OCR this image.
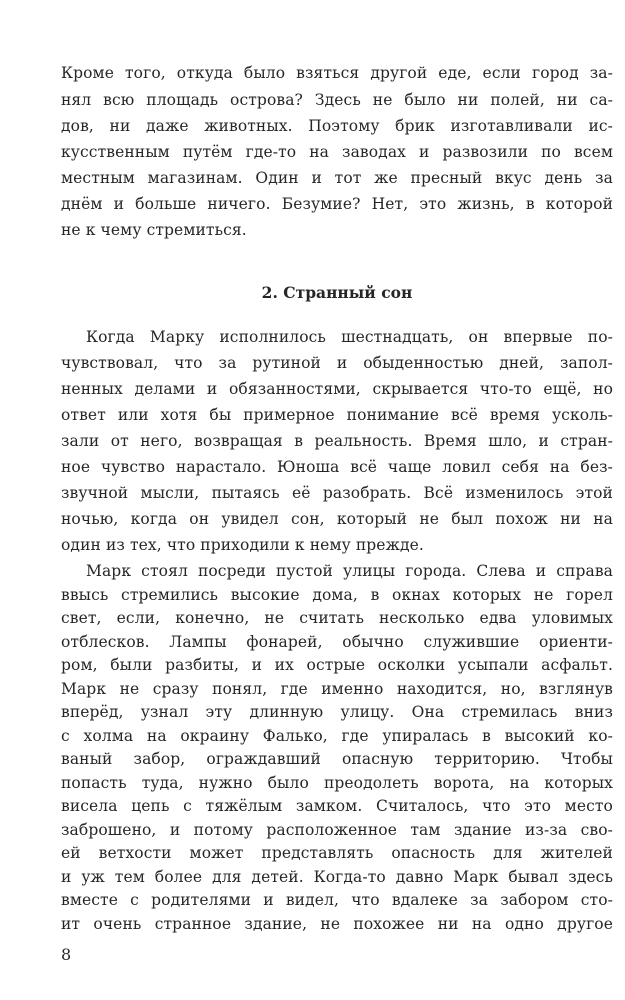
Кроме того, откуда было взяться другой еде, если город за-
нял всю площадь острова? Здесь не было ни полей, ни са-
дов, ни даже животных. Поэтому брик изготавливали ис-
кусственным путём где-то на заводах и развозили по всем
местным магазинам. Один и тот же пресный вкус день за
днём и больше ничего. Безумие? Нет, это жизнь, в которой
не к чему стремиться.
2. Странный сон
Когда Марку исполнилось шестнадцать, он впервые по-
чувствовал, что за рутиной и обыденностью дней, запол-
ненных делами и обязанностями, скрывается что-то ещё, но
ответ или хотя бы примерное понимание всё время усколь-
зали от него, возвращая в реальность. Время шло, и стран-
ное чувство нарастало. Юноша всё чаще ловил себя на без-
звучной мысли, пытаясь её разобрать. Всё изменилось этой
ночью, когда он увидел сон, который не был похож ни на
один из тех, что приходили к нему прежде.
Марк стоял посреди пустой улицы города. Слева и справа
ввысь стремились высокие дома, в окнах которых не горел
свет, если, конечно, не считать несколько едва уловимых
отблесков. Лампы фонарей, обычно служившие ориенти-
ром, были разбиты, и их острые осколки усыпали асфальт.
Марк не сразу понял, где именно находится, но, взглянув
вперёд, узнал эту длинную улицу. Она стремилась вниз
с холма на окраину Фалько, где упиралась в высокий ко-
ваный забор, ограждавший опасную территорию. Чтобы
попасть туда, нужно было преодолеть ворота, на которых
висела цепь с тяжёлым замком. Считалось, что это место
заброшено, и потому расположенное там здание из-за сво-
ей ветхости может представлять опасность для жителей
и уж тем более для детей. Когда-то давно Марк бывал здесь
вместе с родителями и видел, что вдалеке за забором сто-
ит очень странное здание, не похожее ни на одно другое
8
